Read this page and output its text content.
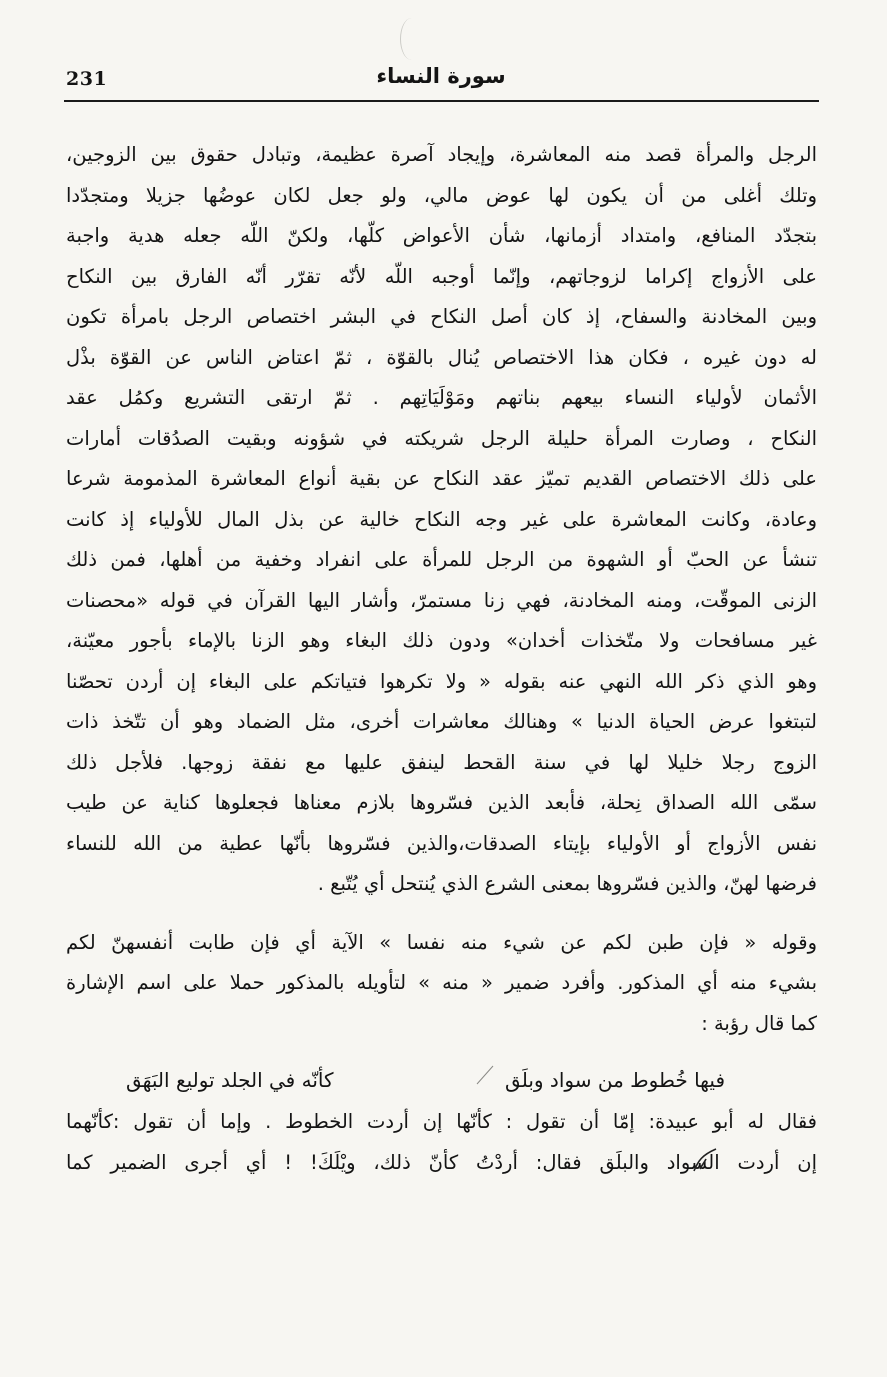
231	سورة النساء
الرجل والمرأة قصد منه المعاشرة، وإيجاد آصرة عظيمة، وتبادل حقوق بين الزوجين،
وتلك أغلى من أن يكون لها عوض مالي، ولو جعل لكان عوضُها جزيلا ومتجدّدا
بتجدّد المنافع، وامتداد أزمانها، شأن الأعواض كلّها، ولكنّ اللّه جعله هدية واجبة
على الأزواج إكراما لزوجاتهم، وإنّما أوجبه اللّه لأنّه تقرّر أنّه الفارق بين النكاح
وبين المخادنة والسفاح، إذ كان أصل النكاح في البشر اختصاص الرجل بامرأة تكون
له دون غيره ، فكان هذا الاختصاص يُنال بالقوّة ، ثمّ اعتاض الناس عن القوّة بذْل
الأثمان لأولياء النساء بيعهم بناتهم ومَوْلَيَاتِهم . ثمّ ارتقى التشريع وكمُل عقد
النكاح ، وصارت المرأة حليلة الرجل شريكته في شؤونه وبقيت الصدُقات أمارات
على ذلك الاختصاص القديم تميّز عقد النكاح عن بقية أنواع المعاشرة المذمومة شرعا
وعادة، وكانت المعاشرة على غير وجه النكاح خالية عن بذل المال للأولياء إذ كانت
تنشأ عن الحبّ أو الشهوة من الرجل للمرأة على انفراد وخفية من أهلها، فمن ذلك
الزنى الموقّت، ومنه المخادنة، فهي زنا مستمرّ، وأشار اليها القرآن في قوله «محصنات
غير مسافحات ولا متّخذات أخدان» ودون ذلك البغاء وهو الزنا بالإماء بأجور معيّنة،
وهو الذي ذكر الله النهي عنه بقوله « ولا تكرهوا فتياتكم على البغاء إن أردن تحصّنا
لتبتغوا عرض الحياة الدنيا » وهنالك معاشرات أخرى، مثل الضماد وهو أن تتّخذ ذات
الزوج رجلا خليلا لها في سنة القحط لينفق عليها مع نفقة زوجها. فلأجل ذلك
سمّى الله الصداق نِحلة، فأبعد الذين فسّروها بلازم معناها فجعلوها كناية عن طيب
نفس الأزواج أو الأولياء بإيتاء الصدقات،والذين فسّروها بأنّها عطية من الله للنساء
فرضها لهنّ، والذين فسّروها بمعنى الشرع الذي يُنتحل أي يُتّبع .
وقوله « فإن طبن لكم عن شيء منه نفسا » الآية أي فإن طابت أنفسهنّ لكم
بشيء منه أي المذكور. وأفرد ضمير « منه » لتأويله بالمذكور حملا على اسم الإشارة
كما قال رؤبة :
فيها خُطوط من سواد وبلَق
كأنّه في الجلد توليع البَهَق
فقال له أبو عبيدة: إمّا أن تقول : كأنّها إن أردت الخطوط . وإما أن تقول :كأنّهما
إن أردت السواد والبلَق فقال: أردْتُ كأنّ ذلك، ويْلَكَ! ! أي أجرى الضمير كما
